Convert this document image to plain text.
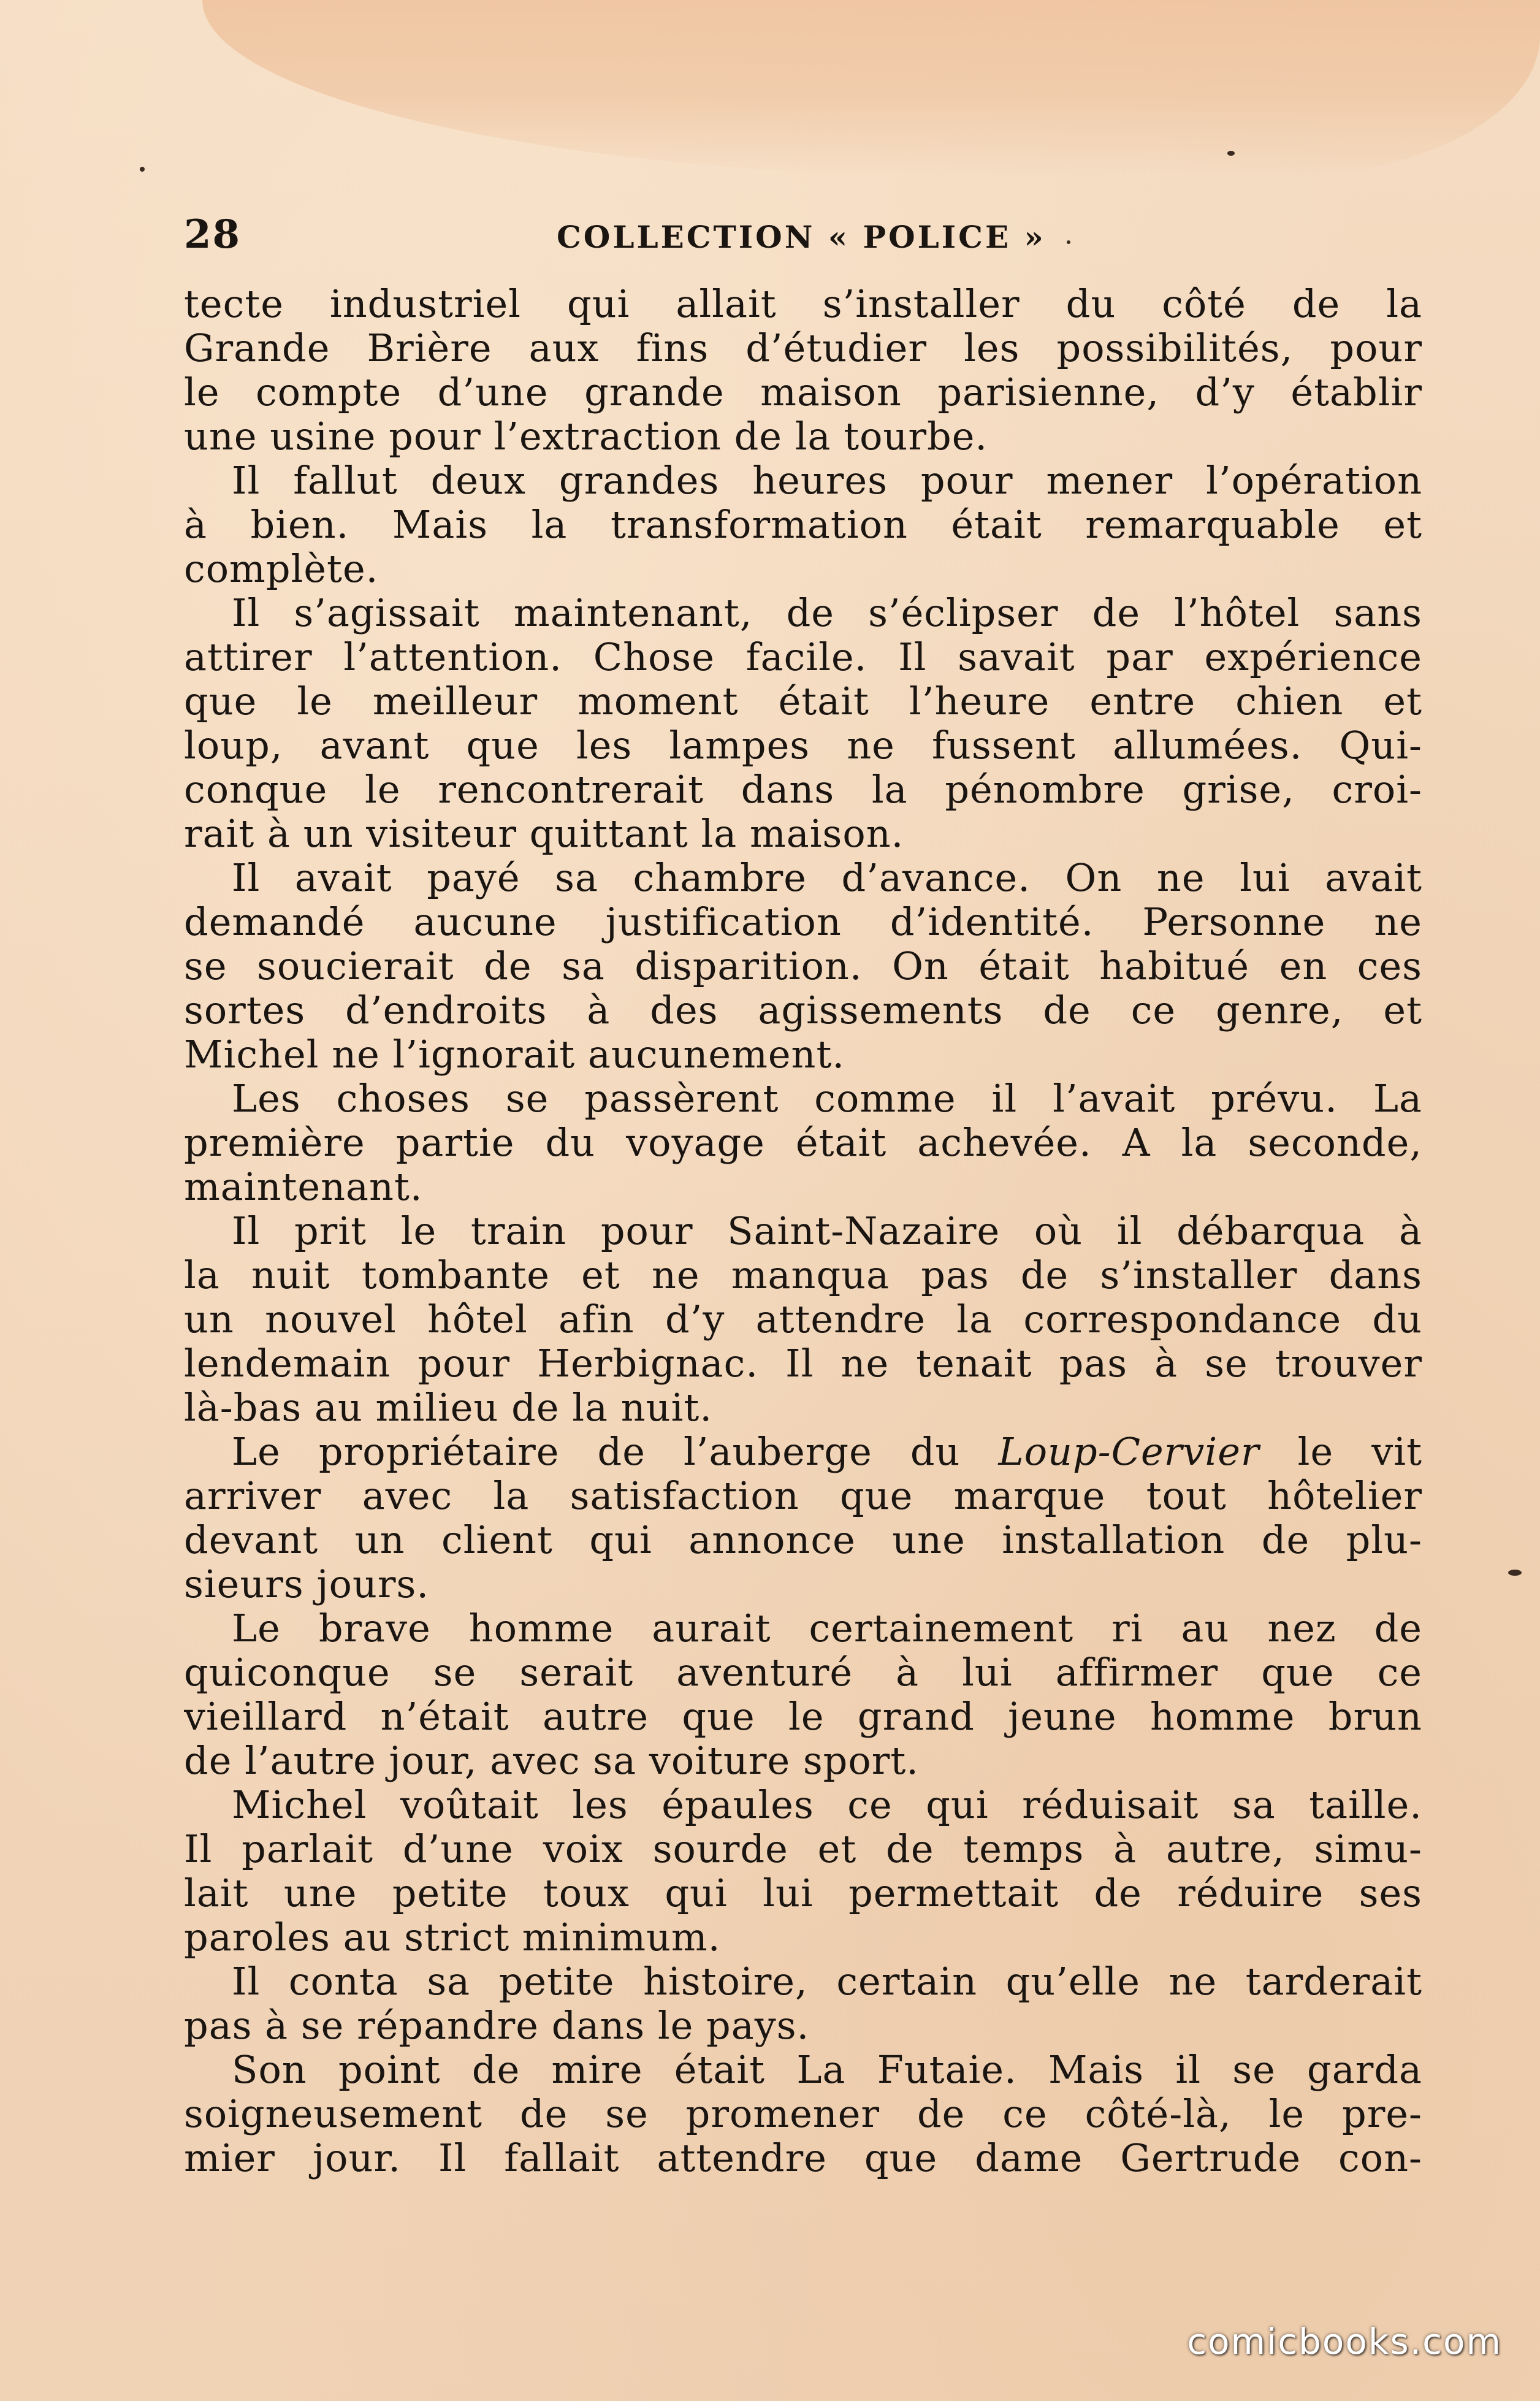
28	COLLECTION « POLICE »
tecte industriel qui allait s’installer du côté de la
Grande Brière aux fins d’étudier les possibilités, pour
le compte d’une grande maison parisienne, d’y établir
une usine pour l’extraction de la tourbe.
Il fallut deux grandes heures pour mener l’opération
à bien. Mais la transformation était remarquable et
complète.
Il s’agissait maintenant, de s’éclipser de l’hôtel sans
attirer l’attention. Chose facile. Il savait par expérience
que le meilleur moment était l’heure entre chien et
loup, avant que les lampes ne fussent allumées. Qui-
conque le rencontrerait dans la pénombre grise, croi-
rait à un visiteur quittant la maison.
Il avait payé sa chambre d’avance. On ne lui avait
demandé aucune justification d’identité. Personne ne
se soucierait de sa disparition. On était habitué en ces
sortes d’endroits à des agissements de ce genre, et
Michel ne l’ignorait aucunement.
Les choses se passèrent comme il l’avait prévu. La
première partie du voyage était achevée. A la seconde,
maintenant.
Il prit le train pour Saint-Nazaire où il débarqua à
la nuit tombante et ne manqua pas de s’installer dans
un nouvel hôtel afin d’y attendre la correspondance du
lendemain pour Herbignac. Il ne tenait pas à se trouver
là-bas au milieu de la nuit.
Le propriétaire de l’auberge du Loup-Cervier le vit
arriver avec la satisfaction que marque tout hôtelier
devant un client qui annonce une installation de plu-
sieurs jours.
Le brave homme aurait certainement ri au nez de
quiconque se serait aventuré à lui affirmer que ce
vieillard n’était autre que le grand jeune homme brun
de l’autre jour, avec sa voiture sport.
Michel voûtait les épaules ce qui réduisait sa taille.
Il parlait d’une voix sourde et de temps à autre, simu-
lait une petite toux qui lui permettait de réduire ses
paroles au strict minimum.
Il conta sa petite histoire, certain qu’elle ne tarderait
pas à se répandre dans le pays.
Son point de mire était La Futaie. Mais il se garda
soigneusement de se promener de ce côté-là, le pre-
mier jour. Il fallait attendre que dame Gertrude con-
comicbooks.com
